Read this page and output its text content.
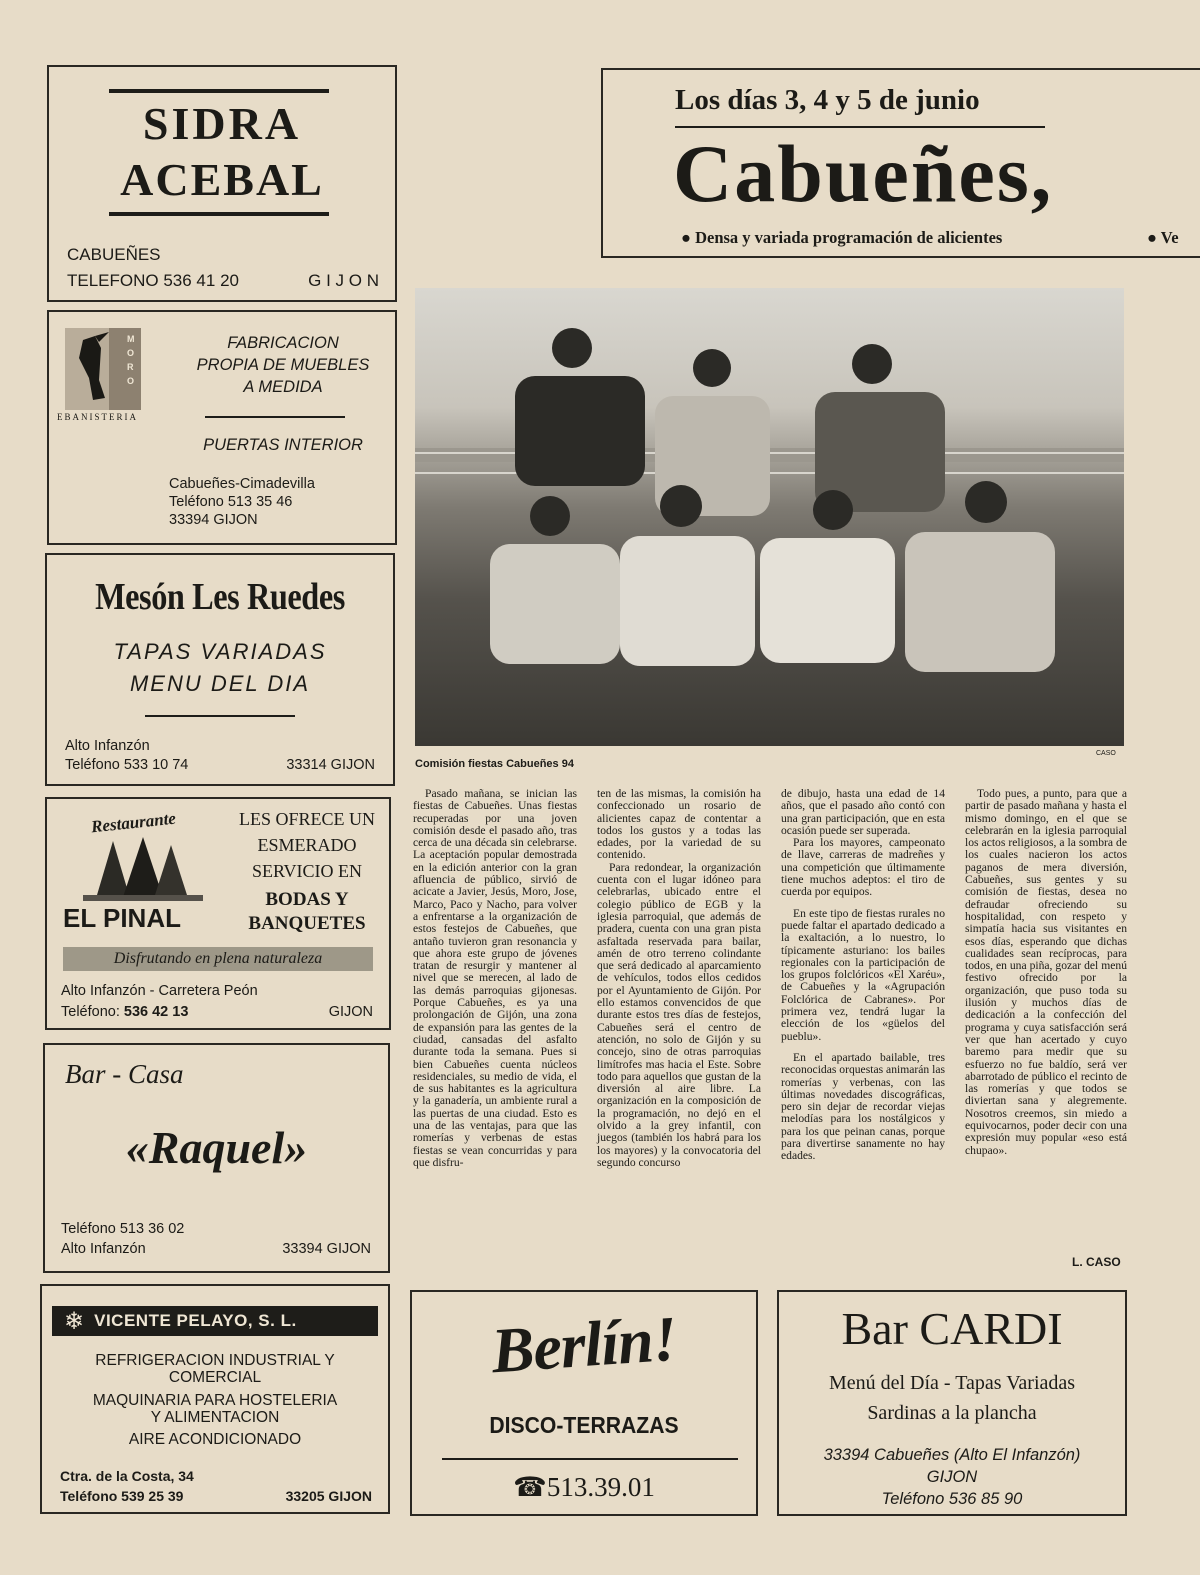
SIDRA
ACEBAL
CABUEÑES
TELEFONO 536 41 20	G I J O N
MORO
EBANISTERIA
FABRICACION
PROPIA DE MUEBLES
A MEDIDA
PUERTAS INTERIOR
Cabueñes-Cimadevilla
Teléfono 513 35 46
33394 GIJON
Mesón Les Ruedes
TAPAS VARIADAS
MENU DEL DIA
Alto Infanzón
Teléfono 533 10 74	33314 GIJON
Restaurante
EL PINAL
LES OFRECE UN
ESMERADO
SERVICIO EN
BODAS Y
BANQUETES
Disfrutando en plena naturaleza
Alto Infanzón - Carretera Peón
Teléfono: 536 42 13	GIJON
Bar - Casa
«Raquel»
Teléfono 513 36 02
Alto Infanzón	33394 GIJON
❄ VICENTE PELAYO, S. L.
REFRIGERACION INDUSTRIAL Y
COMERCIAL
MAQUINARIA PARA HOSTELERIA
Y ALIMENTACION
AIRE ACONDICIONADO
Ctra. de la Costa, 34
Teléfono 539 25 39	33205 GIJON
Los días 3, 4 y 5 de junio
Cabueñes,
● Densa y variada programación de alicientes	● Ve
Comisión fiestas Cabueñes 94
CASO

Pasado mañana, se inician las fiestas de Cabueñes. Unas fiestas recuperadas por una joven comisión desde el pasado año, tras cerca de una década sin celebrarse. La aceptación popular demostrada en la edición anterior con la gran afluencia de público, sirvió de acicate a Javier, Jesús, Moro, Jose, Marco, Paco y Nacho, para volver a enfrentarse a la organización de estos festejos de Cabueñes, que antaño tuvieron gran resonancia y que ahora este grupo de jóvenes tratan de resurgir y mantener al nivel que se merecen, al lado de las demás parroquias gijonesas. Porque Cabueñes, es ya una prolongación de Gijón, una zona de expansión para las gentes de la ciudad, cansadas del asfalto durante toda la semana. Pues si bien Cabueñes cuenta núcleos residenciales, su medio de vida, el de sus habitantes es la agricultura y la ganadería, un ambiente rural a las puertas de una ciudad. Esto es una de las ventajas, para que las romerías y verbenas de estas fiestas se vean concurridas y para que disfru-

ten de las mismas, la comisión ha confeccionado un rosario de alicientes capaz de contentar a todos los gustos y a todas las edades, por la variedad de su contenido.

Para redondear, la organización cuenta con el lugar idóneo para celebrarlas, ubicado entre el colegio público de EGB y la iglesia parroquial, que además de pradera, cuenta con una gran pista asfaltada reservada para bailar, amén de otro terreno colindante que será dedicado al aparcamiento de vehículos, todos ellos cedidos por el Ayuntamiento de Gijón. Por ello estamos convencidos de que durante estos tres días de festejos, Cabueñes será el centro de atención, no solo de Gijón y su concejo, sino de otras parroquias limítrofes mas hacia el Este. Sobre todo para aquellos que gustan de la diversión al aire libre. La organización en la composición de la programación, no dejó en el olvido a la grey infantil, con juegos (también los habrá para los los mayores) y la convocatoria del segundo concurso

de dibujo, hasta una edad de 14 años, que el pasado año contó con una gran participación, que en esta ocasión puede ser superada.

Para los mayores, campeonato de llave, carreras de madreñes y una competición que últimamente tiene muchos adeptos: el tiro de cuerda por equipos.

En este tipo de fiestas rurales no puede faltar el apartado dedicado a la exaltación, a lo nuestro, lo típicamente asturiano: los bailes regionales con la participación de los grupos folclóricos «El Xaréu», de Cabueñes y la «Agrupación Folclórica de Cabranes». Por primera vez, tendrá lugar la elección de los «güelos del pueblu».

En el apartado bailable, tres reconocidas orquestas animarán las romerías y verbenas, con las últimas novedades discográficas, pero sin dejar de recordar viejas melodías para los nostálgicos y para los que peinan canas, porque para divertirse sanamente no hay edades.

Todo pues, a punto, para que a partir de pasado mañana y hasta el mismo domingo, en el que se celebrarán en la iglesia parroquial los actos religiosos, a la sombra de los cuales nacieron los actos paganos de mera diversión, Cabueñes, sus gentes y su comisión de fiestas, desea no defraudar ofreciendo su hospitalidad, con respeto y simpatía hacia sus visitantes en esos días, esperando que dichas cualidades sean recíprocas, para todos, en una piña, gozar del menú festivo ofrecido por la organización, que puso toda su ilusión y muchos días de dedicación a la confección del programa y cuya satisfacción será ver que han acertado y cuyo baremo para medir que su esfuerzo no fue baldío, será ver abarrotado de público el recinto de las romerías y que todos se diviertan sana y alegremente. Nosotros creemos, sin miedo a equivocarnos, poder decir con una expresión muy popular «eso está chupao».

L. CASO
Berlín!
DISCO-TERRAZAS
☎513.39.01
Bar CARDI
Menú del Día - Tapas Variadas
Sardinas a la plancha
33394 Cabueñes (Alto El Infanzón)
GIJON
Teléfono 536 85 90
